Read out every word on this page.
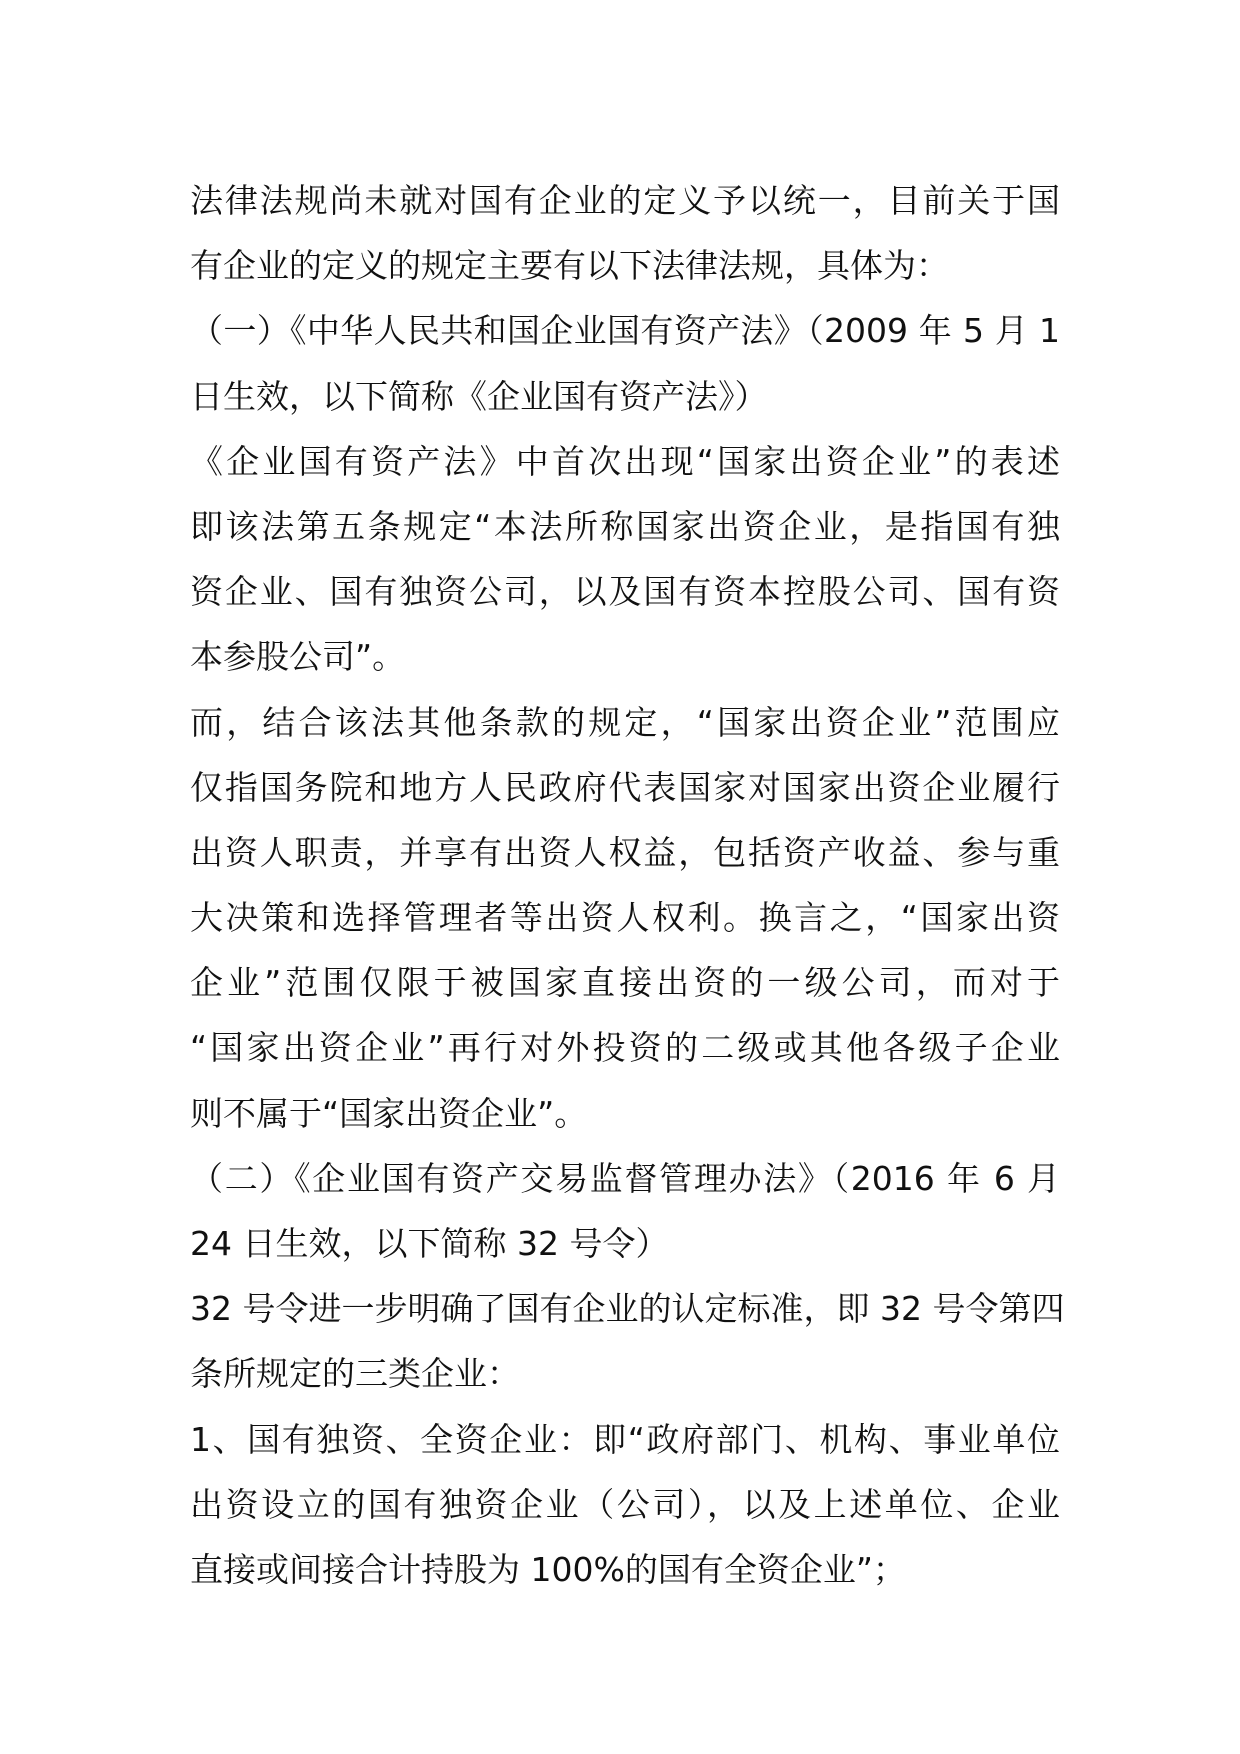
法律法规尚未就对国有企业的定义予以统一，目前关于国
有企业的定义的规定主要有以下法律法规，具体为：
（一）《中华人民共和国企业国有资产法》（2009 年 5 月 1
日生效，以下简称《企业国有资产法》）
《企业国有资产法》中首次出现“国家出资企业”的表述
即该法第五条规定“本法所称国家出资企业，是指国有独
资企业、国有独资公司，以及国有资本控股公司、国有资
本参股公司”。
而，结合该法其他条款的规定，“国家出资企业”范围应
仅指国务院和地方人民政府代表国家对国家出资企业履行
出资人职责，并享有出资人权益，包括资产收益、参与重
大决策和选择管理者等出资人权利。换言之，“国家出资
企业”范围仅限于被国家直接出资的一级公司，而对于
“国家出资企业”再行对外投资的二级或其他各级子企业
则不属于“国家出资企业”。
（二）《企业国有资产交易监督管理办法》（2016 年 6 月
24 日生效，以下简称 32 号令）
32 号令进一步明确了国有企业的认定标准，即 32 号令第四
条所规定的三类企业：
1、国有独资、全资企业：即“政府部门、机构、事业单位
出资设立的国有独资企业（公司），以及上述单位、企业
直接或间接合计持股为 100%的国有全资企业”；
